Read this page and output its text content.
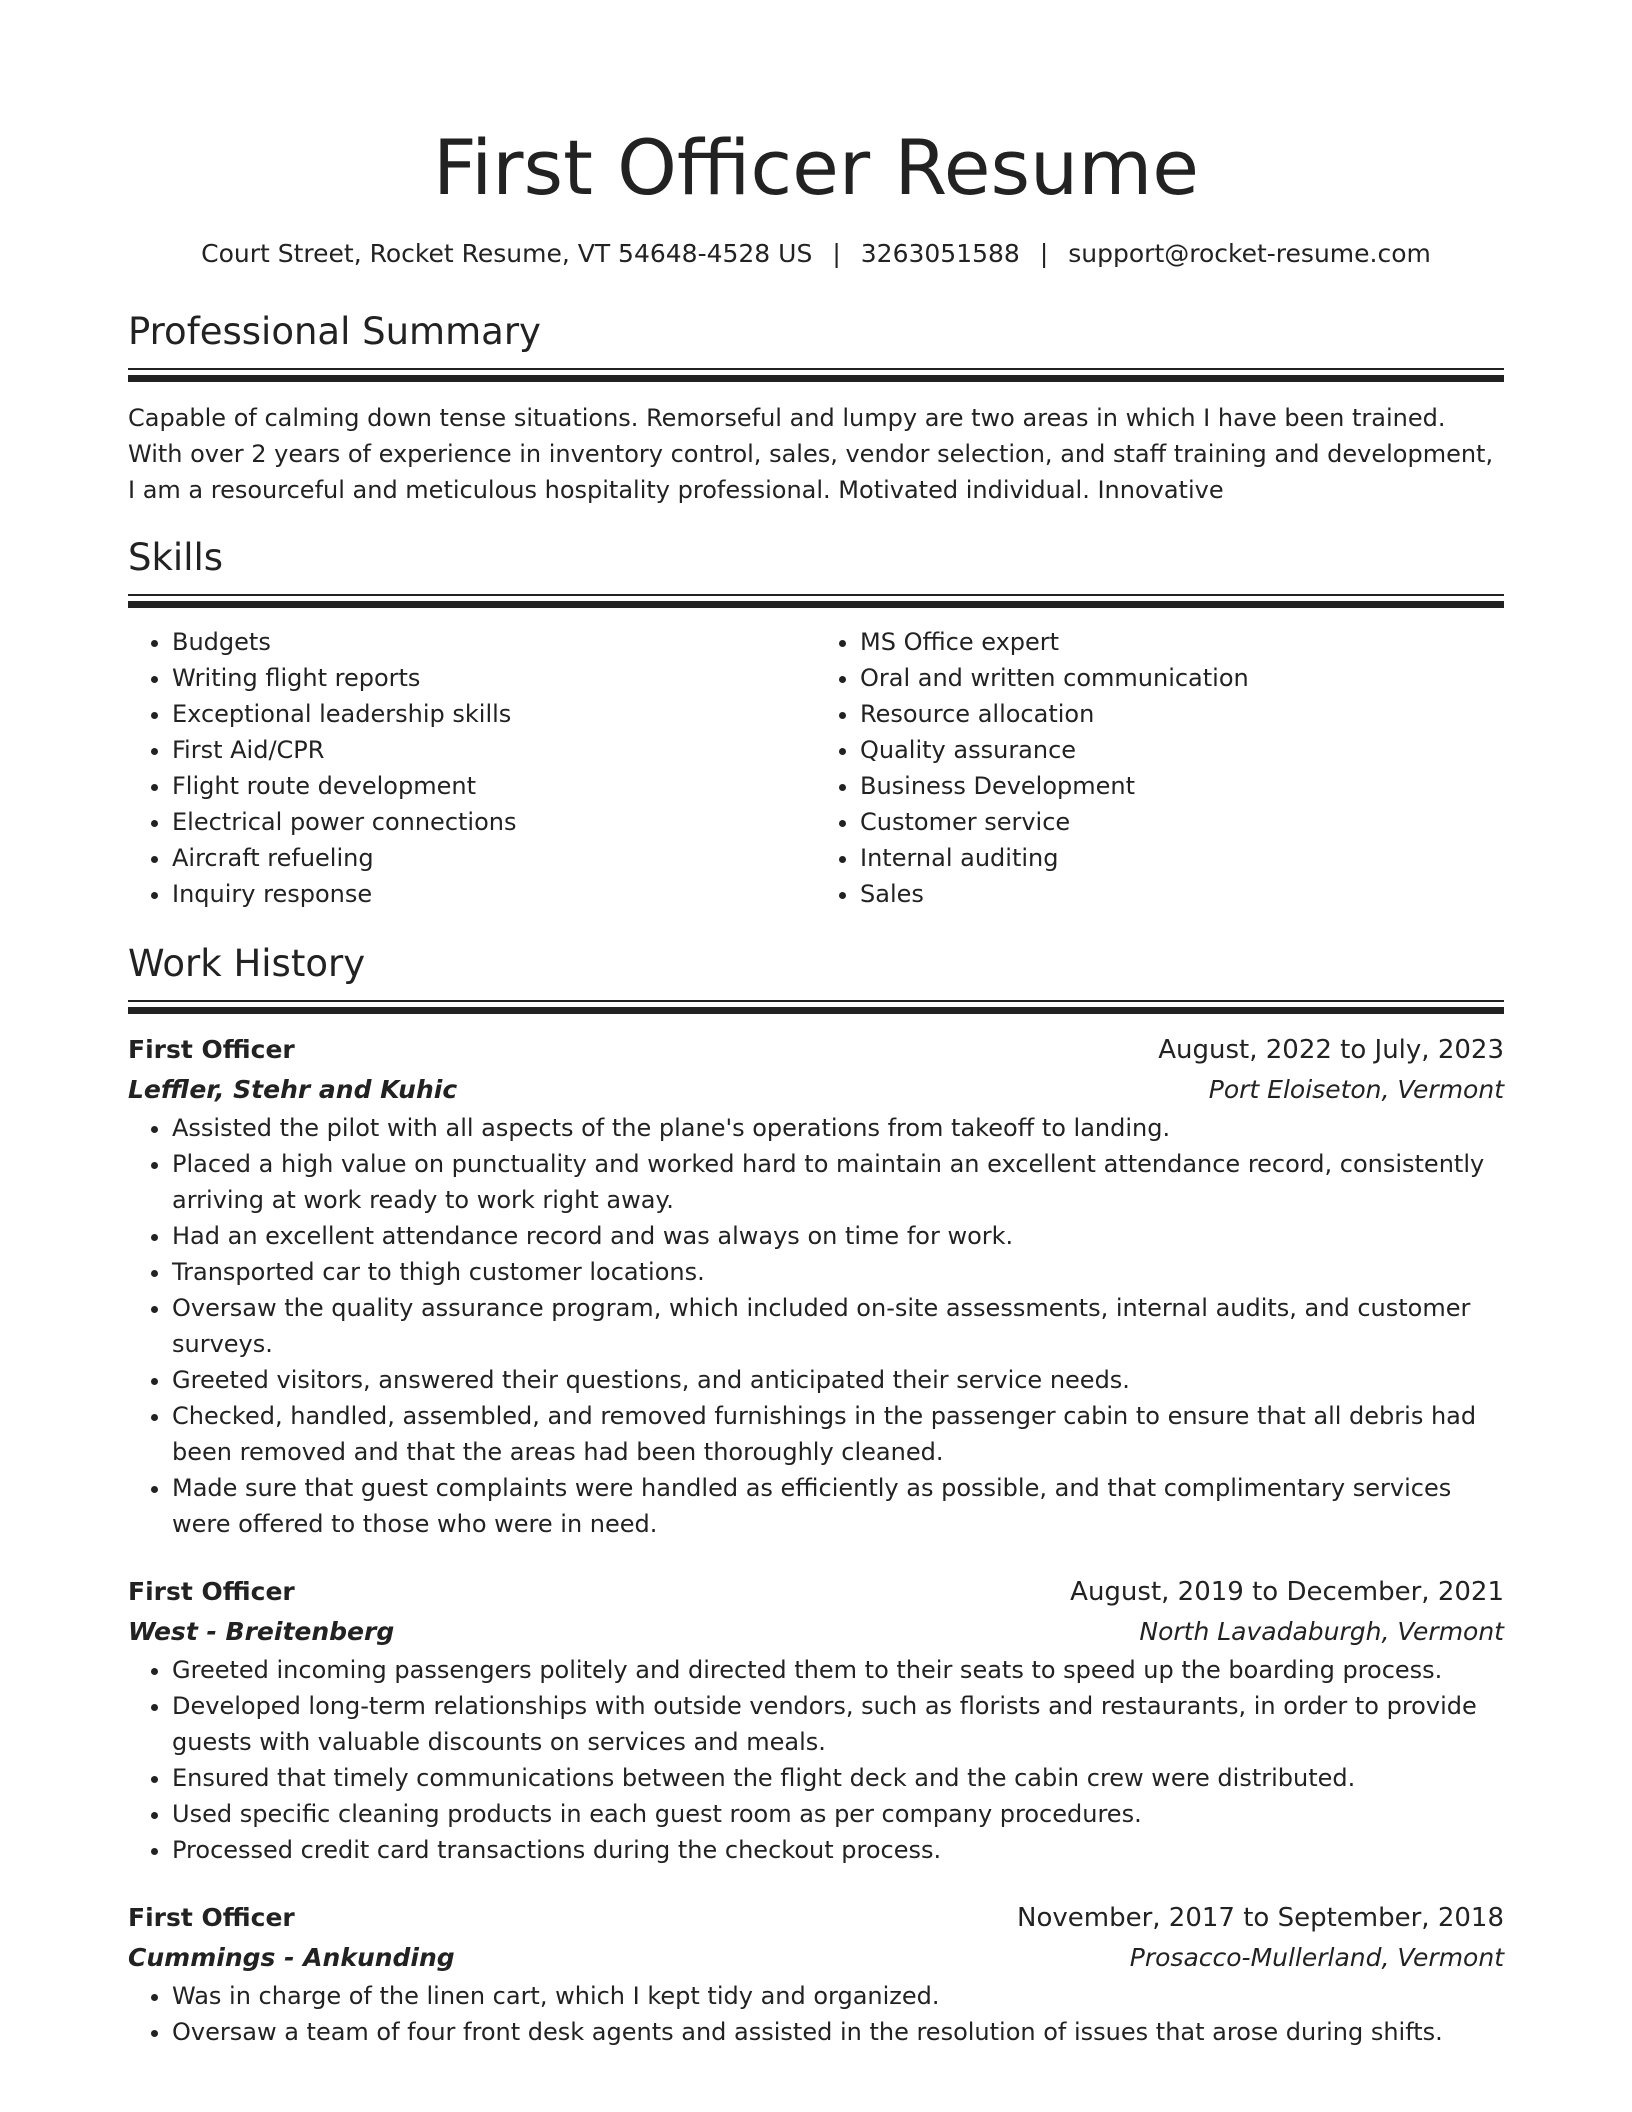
First Officer Resume
Court Street, Rocket Resume, VT 54648-4528 US | 3263051588 | support@rocket-resume.com
Professional Summary

Capable of calming down tense situations. Remorseful and lumpy are two areas in which I have been trained. With over 2 years of experience in inventory control, sales, vendor selection, and staff training and development, I am a resourceful and meticulous hospitality professional. Motivated individual. Innovative

Skills
• Budgets
• Writing flight reports
• Exceptional leadership skills
• First Aid/CPR
• Flight route development
• Electrical power connections
• Aircraft refueling
• Inquiry response
• MS Office expert
• Oral and written communication
• Resource allocation
• Quality assurance
• Business Development
• Customer service
• Internal auditing
• Sales
Work History
First Officer	August, 2022 to July, 2023
Leffler, Stehr and Kuhic	Port Eloiseton, Vermont
• Assisted the pilot with all aspects of the plane's operations from takeoff to landing.
• Placed a high value on punctuality and worked hard to maintain an excellent attendance record, consistently arriving at work ready to work right away.
• Had an excellent attendance record and was always on time for work.
• Transported car to thigh customer locations.
• Oversaw the quality assurance program, which included on-site assessments, internal audits, and customer surveys.
• Greeted visitors, answered their questions, and anticipated their service needs.
• Checked, handled, assembled, and removed furnishings in the passenger cabin to ensure that all debris had been removed and that the areas had been thoroughly cleaned.
• Made sure that guest complaints were handled as efficiently as possible, and that complimentary services were offered to those who were in need.
First Officer	August, 2019 to December, 2021
West - Breitenberg	North Lavadaburgh, Vermont
• Greeted incoming passengers politely and directed them to their seats to speed up the boarding process.
• Developed long-term relationships with outside vendors, such as florists and restaurants, in order to provide guests with valuable discounts on services and meals.
• Ensured that timely communications between the flight deck and the cabin crew were distributed.
• Used specific cleaning products in each guest room as per company procedures.
• Processed credit card transactions during the checkout process.
First Officer	November, 2017 to September, 2018
Cummings - Ankunding	Prosacco-Mullerland, Vermont
• Was in charge of the linen cart, which I kept tidy and organized.
• Oversaw a team of four front desk agents and assisted in the resolution of issues that arose during shifts.
